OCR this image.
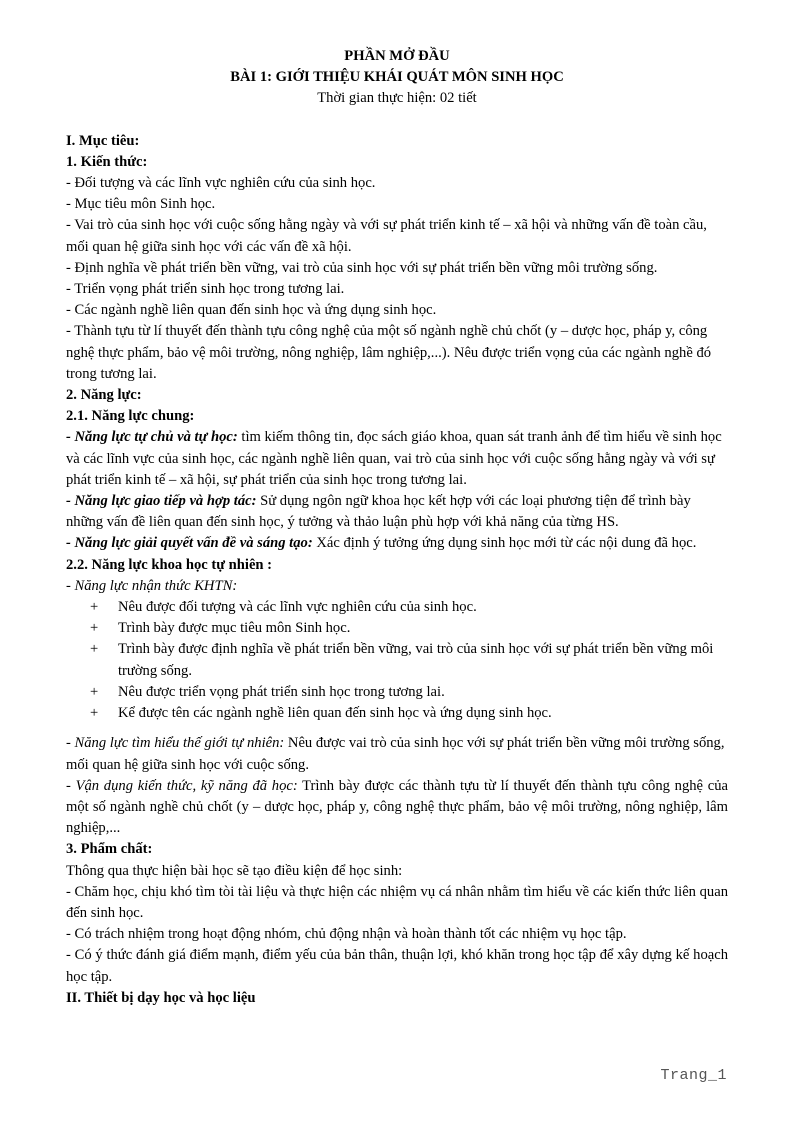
PHẦN MỞ ĐẦU

BÀI 1: GIỚI THIỆU KHÁI QUÁT MÔN SINH HỌC

Thời gian thực hiện: 02 tiết

I. Mục tiêu:

1. Kiến thức:

- Đối tượng và các lĩnh vực nghiên cứu của sinh học.

- Mục tiêu môn Sinh học.

- Vai trò của sinh học với cuộc sống hằng ngày và với sự phát triển kinh tế – xã hội và những vấn đề toàn cầu, mối quan hệ giữa sinh học với các vấn đề xã hội.

- Định nghĩa về phát triển bền vững, vai trò của sinh học với sự phát triển bền vững môi trường sống.

- Triển vọng phát triển sinh học trong tương lai.

- Các ngành nghề liên quan đến sinh học và ứng dụng sinh học.

- Thành tựu từ lí thuyết đến thành tựu công nghệ của một số ngành nghề chủ chốt (y – dược học, pháp y, công nghệ thực phẩm, bảo vệ môi trường, nông nghiệp, lâm nghiệp,...). Nêu được triển vọng của các ngành nghề đó trong tương lai.

2. Năng lực:

2.1. Năng lực chung:

- Năng lực tự chủ và tự học: tìm kiếm thông tin, đọc sách giáo khoa, quan sát tranh ảnh để tìm hiểu về sinh học và các lĩnh vực của sinh học, các ngành nghề liên quan, vai trò của sinh học với cuộc sống hằng ngày và với sự phát triển kinh tế – xã hội, sự phát triển của sinh học trong tương lai.

- Năng lực giao tiếp và hợp tác: Sử dụng ngôn ngữ khoa học kết hợp với các loại phương tiện để trình bày những vấn đề liên quan đến sinh học, ý tưởng và thảo luận phù hợp với khả năng của từng HS.

- Năng lực giải quyết vấn đề và sáng tạo: Xác định ý tưởng ứng dụng sinh học mới từ các nội dung đã học.

2.2. Năng lực khoa học tự nhiên :

- Năng lực nhận thức KHTN:

+ Nêu được đối tượng và các lĩnh vực nghiên cứu của sinh học.
+ Trình bày được mục tiêu môn Sinh học.
+ Trình bày được định nghĩa về phát triển bền vững, vai trò của sinh học với sự phát triển bền vững môi trường sống.
+ Nêu được triển vọng phát triển sinh học trong tương lai.
+ Kể được tên các ngành nghề liên quan đến sinh học và ứng dụng sinh học.

- Năng lực tìm hiểu thế giới tự nhiên: Nêu được vai trò của sinh học với sự phát triển bền vững môi trường sống, mối quan hệ giữa sinh học với cuộc sống.

- Vận dụng kiến thức, kỹ năng đã học: Trình bày được các thành tựu từ lí thuyết đến thành tựu công nghệ của một số ngành nghề chủ chốt (y – dược học, pháp y, công nghệ thực phẩm, bảo vệ môi trường, nông nghiệp, lâm nghiệp,...

3. Phẩm chất:

Thông qua thực hiện bài học sẽ tạo điều kiện để học sinh:

- Chăm học, chịu khó tìm tòi tài liệu và thực hiện các nhiệm vụ cá nhân nhằm tìm hiểu về các kiến thức liên quan đến sinh học.

- Có trách nhiệm trong hoạt động nhóm, chủ động nhận và hoàn thành tốt các nhiệm vụ học tập.

- Có ý thức đánh giá điểm mạnh, điểm yếu của bản thân, thuận lợi, khó khăn trong học tập để xây dựng kế hoạch học tập.

II. Thiết bị dạy học và học liệu

Trang_1
